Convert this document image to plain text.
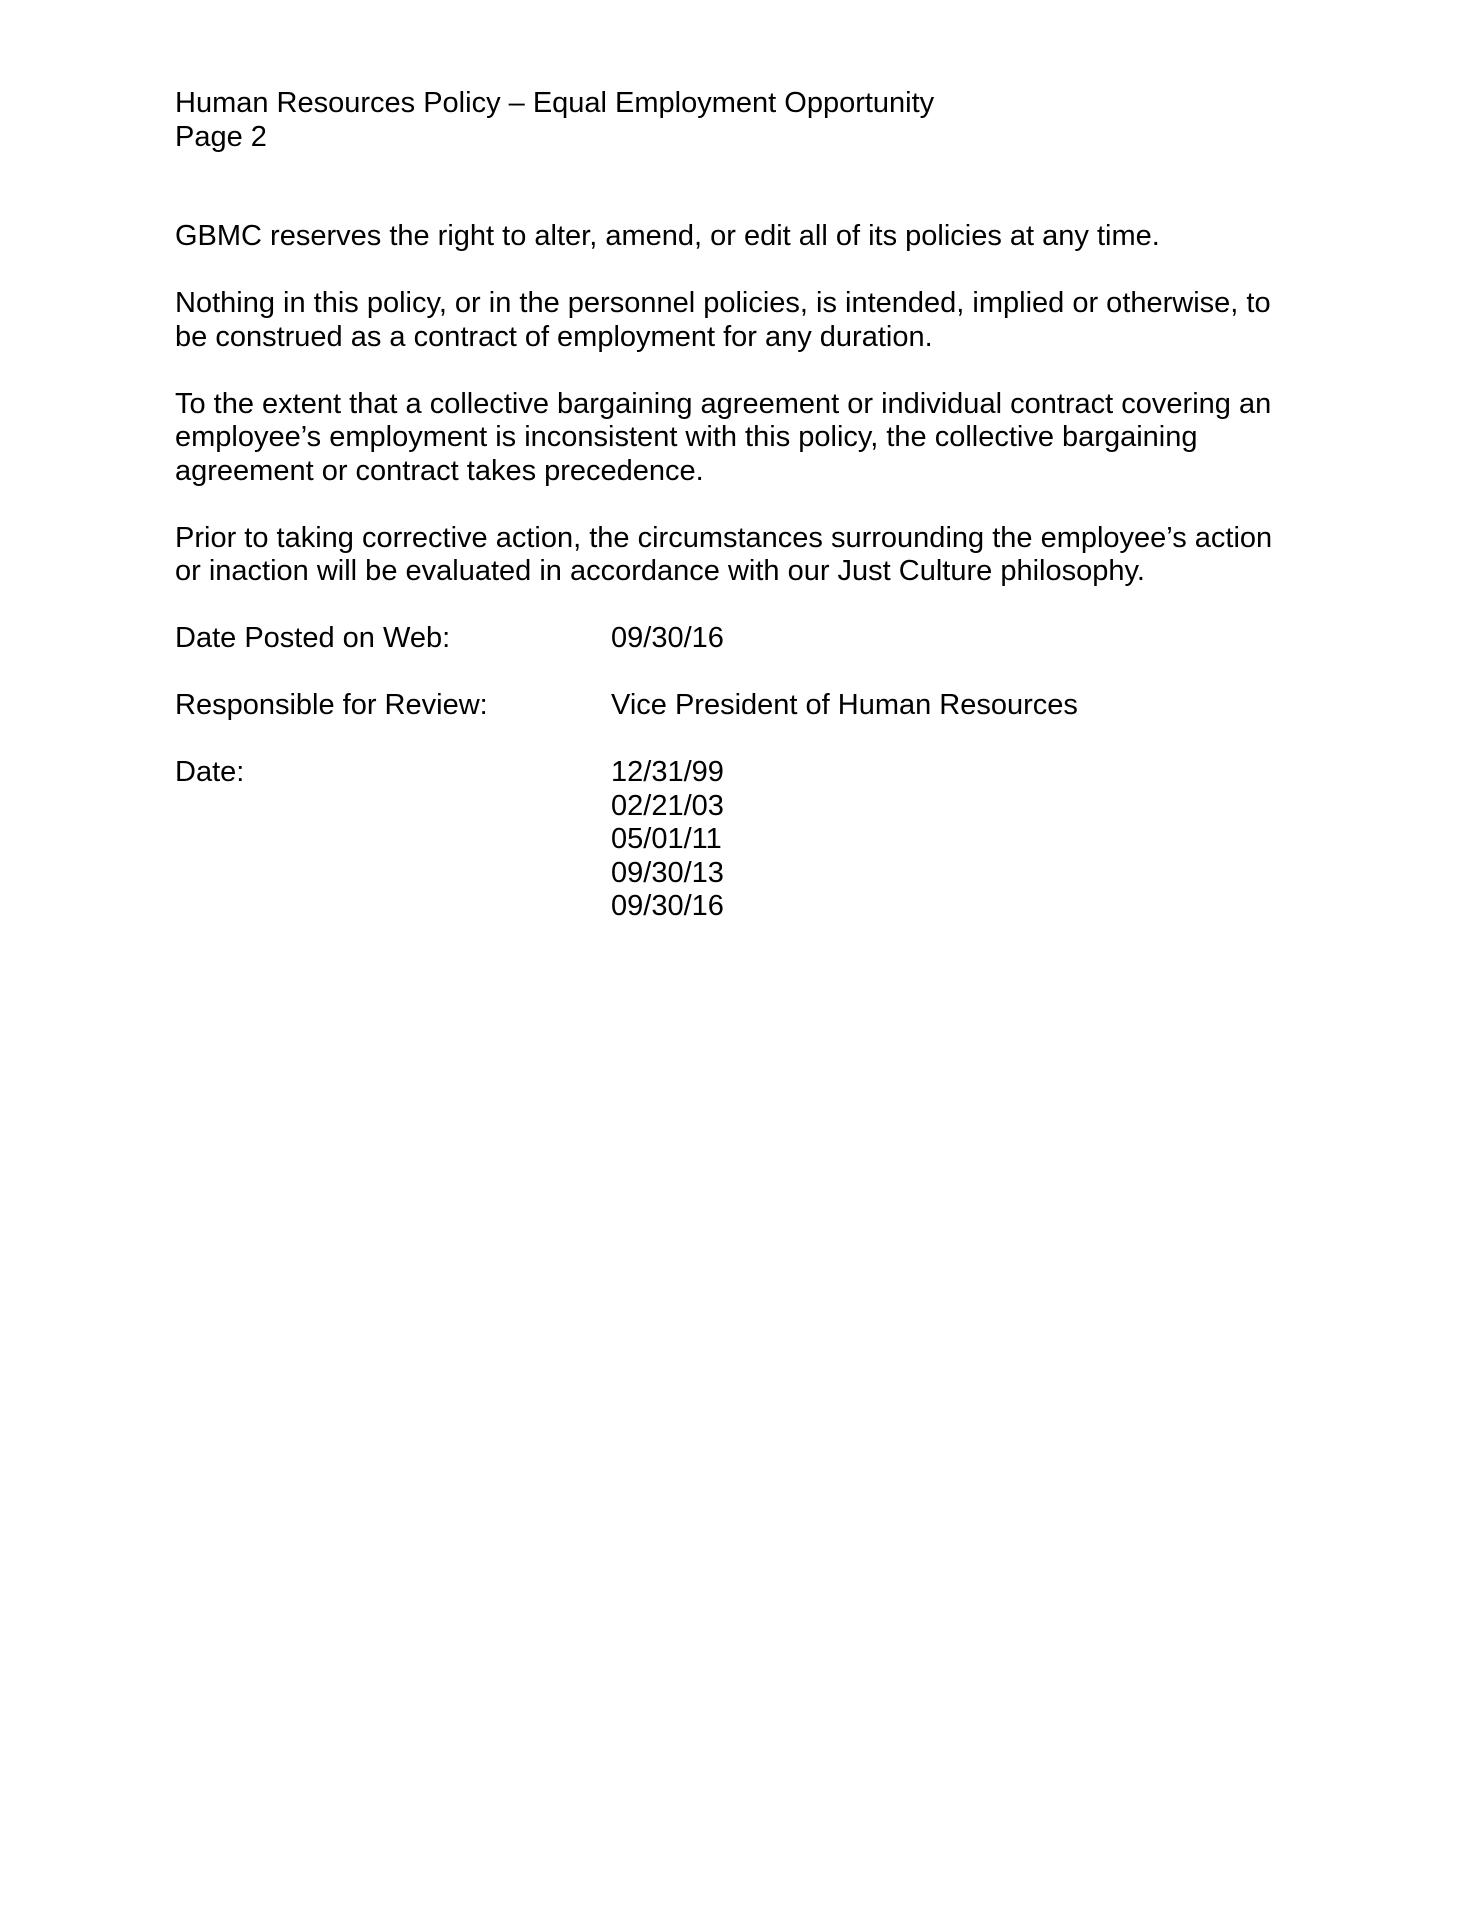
Human Resources Policy – Equal Employment Opportunity

Page 2

GBMC reserves the right to alter, amend, or edit all of its policies at any time.

Nothing in this policy, or in the personnel policies, is intended, implied or otherwise, to
be construed as a contract of employment for any duration.

To the extent that a collective bargaining agreement or individual contract covering an
employee’s employment is inconsistent with this policy, the collective bargaining
agreement or contract takes precedence.

Prior to taking corrective action, the circumstances surrounding the employee’s action
or inaction will be evaluated in accordance with our Just Culture philosophy.

Date Posted on Web:	09/30/16
Responsible for Review:	Vice President of Human Resources
Date:	12/31/99
02/21/03
05/01/11
09/30/13
09/30/16
